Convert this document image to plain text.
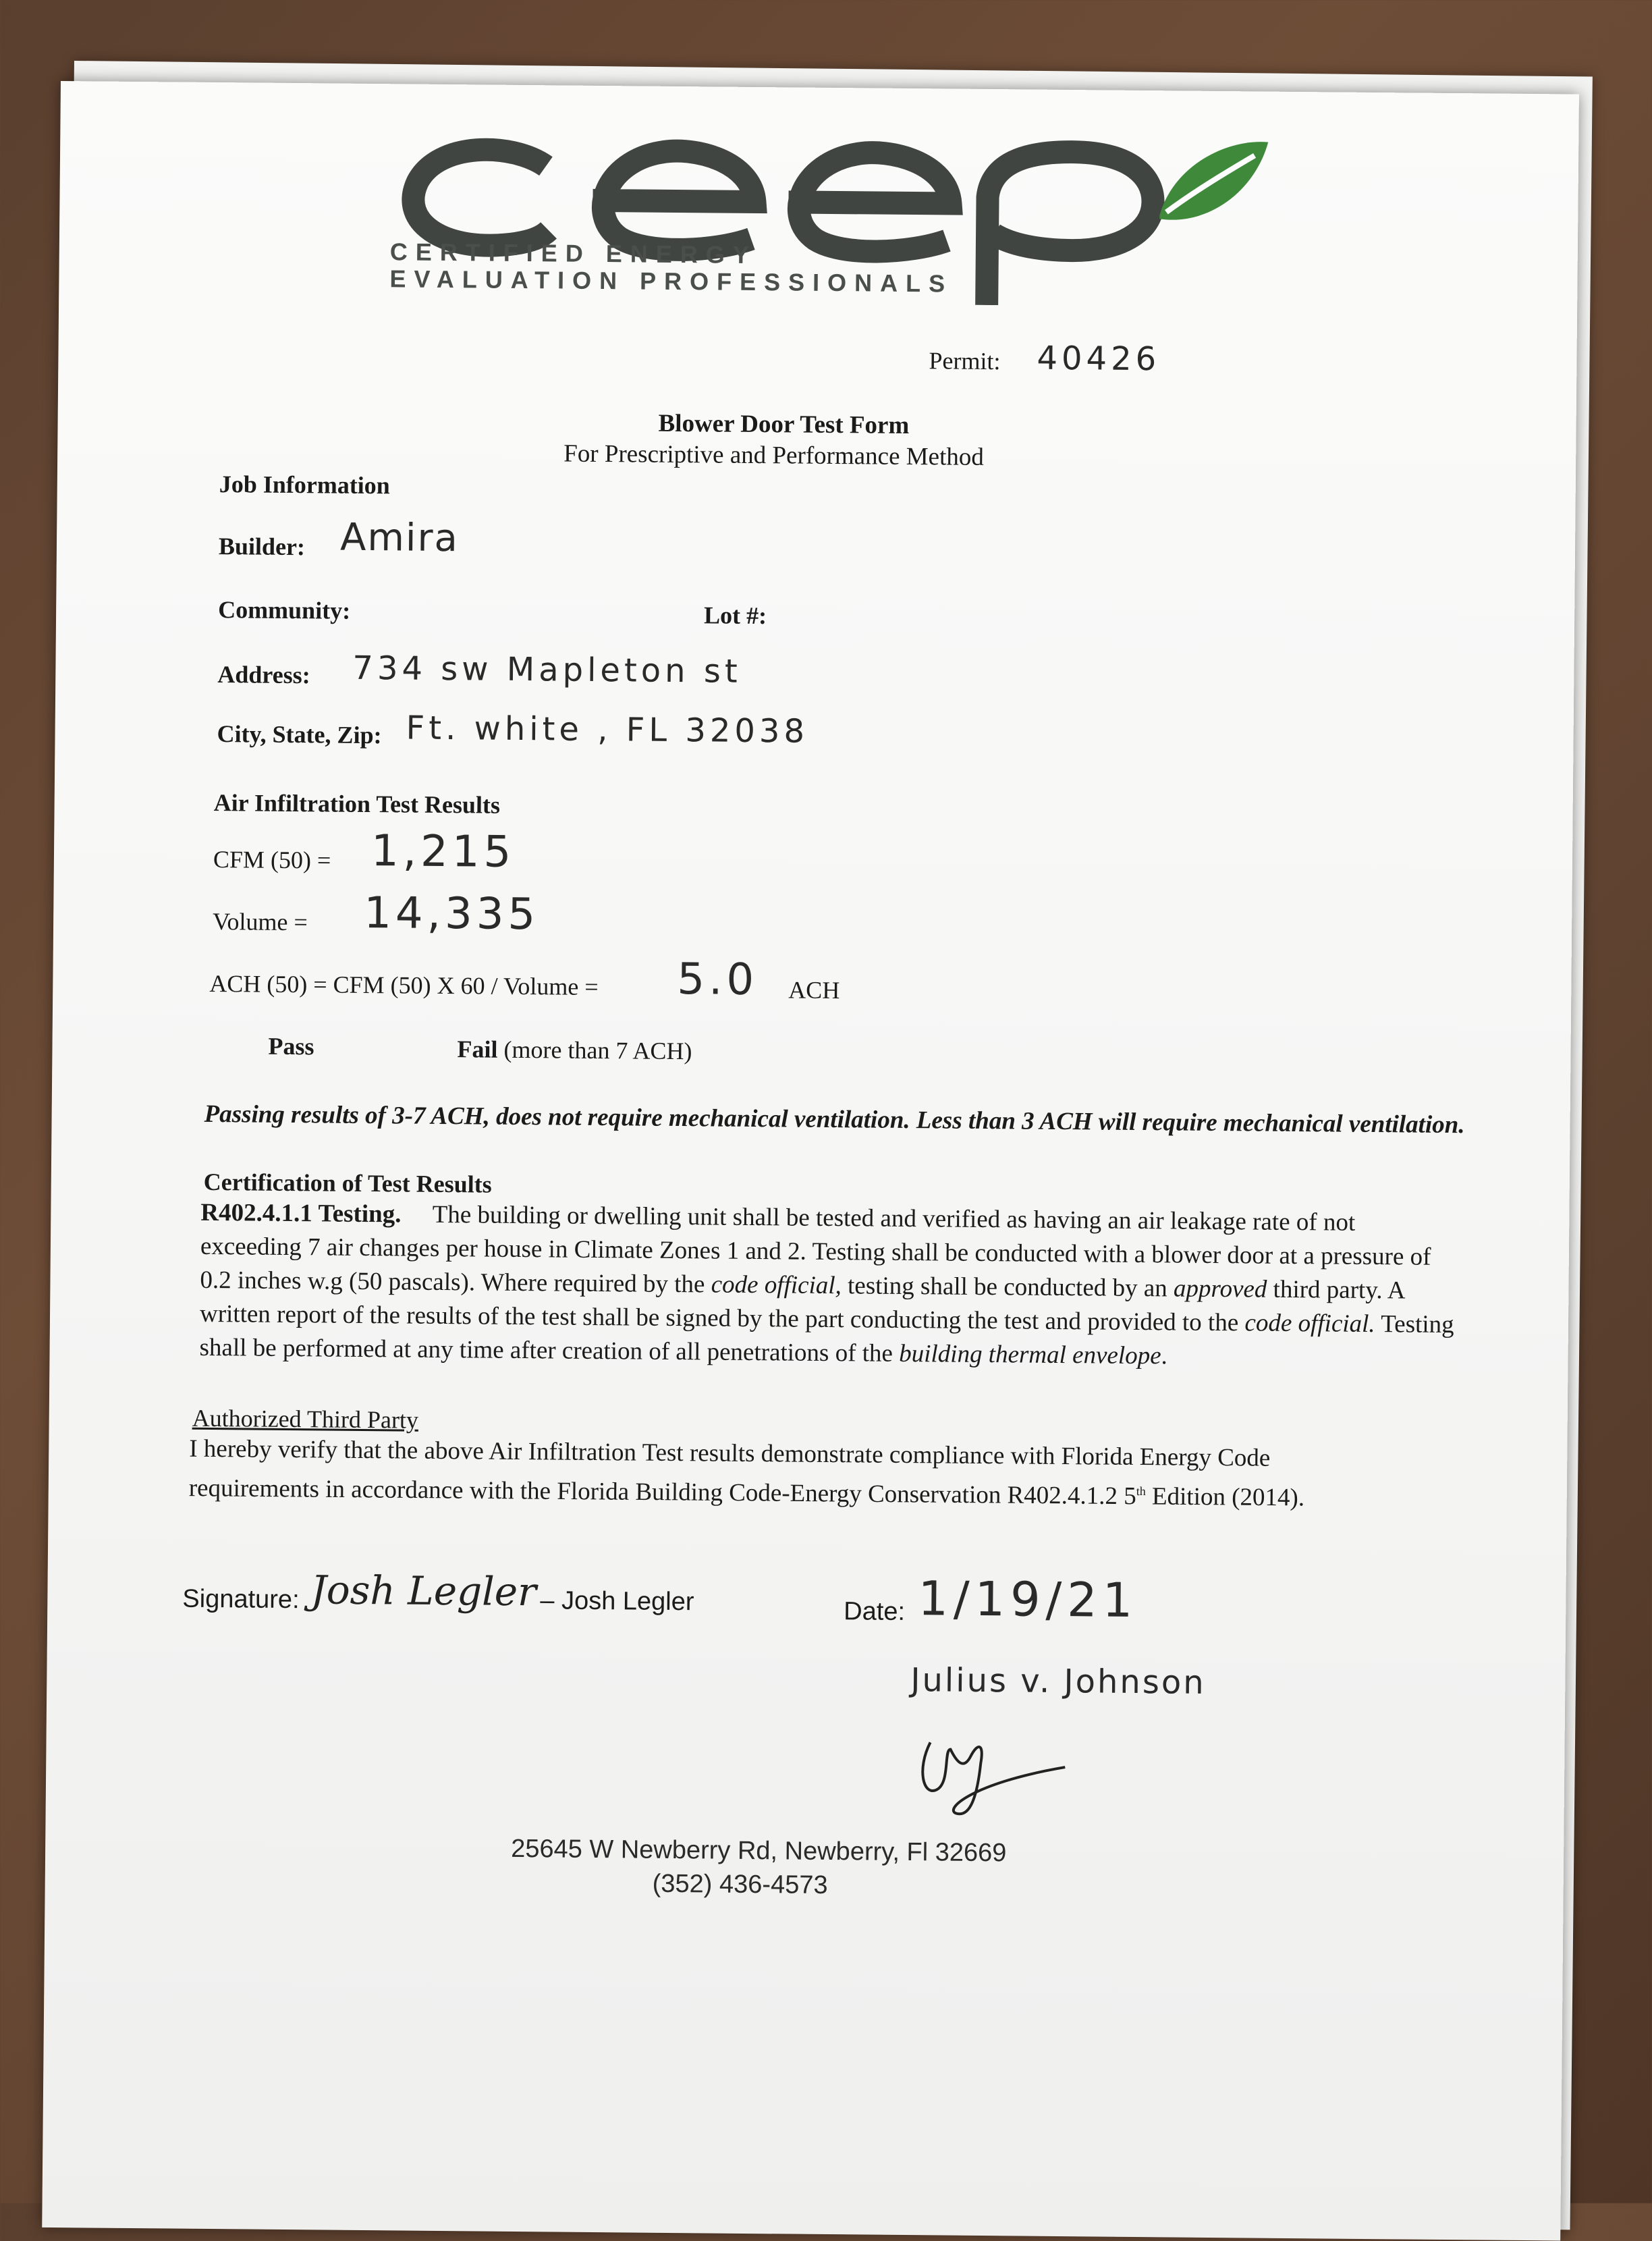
CERTIFIED ENERGY
EVALUATION PROFESSIONALS
Permit: 40426
Blower Door Test Form
For Prescriptive and Performance Method
Job Information
Builder: Amira
Community:	Lot #:
Address: 734 sw Mapleton st
City, State, Zip: Ft. white , FL 32038
Air Infiltration Test Results
CFM (50) = 1,215
Volume = 14,335
ACH (50) = CFM (50) X 60 / Volume = 5.0 ACH
Pass	Fail (more than 7 ACH)
Passing results of 3-7 ACH, does not require mechanical ventilation. Less than 3 ACH will require mechanical ventilation.
Certification of Test Results
R402.4.1.1 Testing. The building or dwelling unit shall be tested and verified as having an air leakage rate of not exceeding 7 air changes per house in Climate Zones 1 and 2. Testing shall be conducted with a blower door at a pressure of 0.2 inches w.g (50 pascals). Where required by the code official, testing shall be conducted by an approved third party. A written report of the results of the test shall be signed by the part conducting the test and provided to the code official. Testing shall be performed at any time after creation of all penetrations of the building thermal envelope.
Authorized Third Party
I hereby verify that the above Air Infiltration Test results demonstrate compliance with Florida Energy Code requirements in accordance with the Florida Building Code-Energy Conservation R402.4.1.2 5th Edition (2014).
Signature: Josh Legler – Josh Legler	Date: 1/19/21
Julius v. Johnson
25645 W Newberry Rd, Newberry, Fl 32669
(352) 436-4573
